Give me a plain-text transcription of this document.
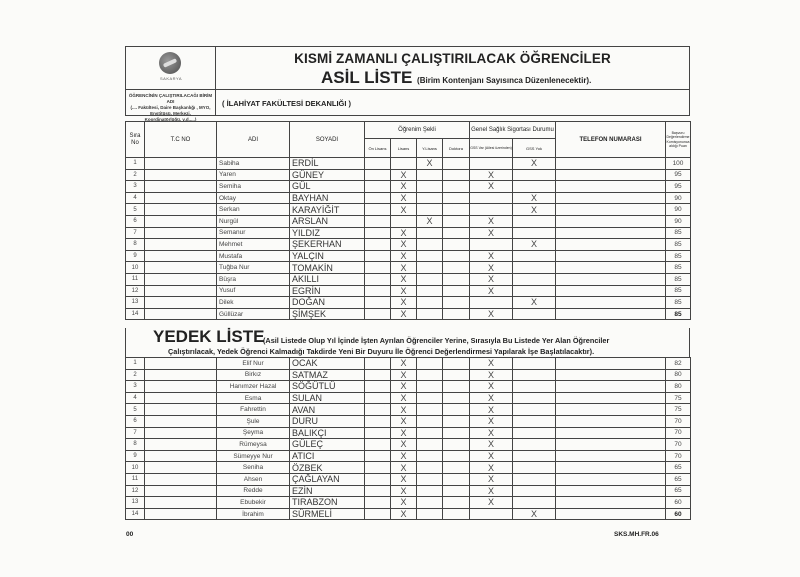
SAKARYA
KISMİ ZAMANLI ÇALIŞTIRILACAK ÖĞRENCİLER
ASİL LİSTE (Birim Kontenjanı Sayısınca Düzenlenecektir).
ÖĞRENCİNİN ÇALIŞTIRILACAĞI BİRİM ADI
(.... Fakültesi, Daire Başkanlığı , MYO, Enstitüsü, Merkezi,
Koordinatörlüğü, v.d.....)
( İLAHİYAT FAKÜLTESİ DEKANLIĞI )
Sıra No	T.C NO	ADI	SOYADI	Öğrenim Şekli				Genel Sağlık Sigortası Durumu		TELEFON NUMARASI	Başvuru Değerlendirme Komisyonunca aldığı Puan
				Ön Lisans	Lisans	Y.Lisans	Doktora	GSS Var (Ailesi üzerinden)	GSS Yok		
1		Sabiha	ERDİL			X			X		100
2		Yaren	GÜNEY		X			X			95
3		Semiha	GÜL		X			X			95
4		Oktay	BAYHAN		X				X		90
5		Serkan	KARAYİĞİT		X				X		90
6		Nurgül	ARSLAN			X		X			90
7		Semanur	YILDIZ		X			X			85
8		Mehmet	ŞEKERHAN		X				X		85
9		Mustafa	YALÇIN		X			X			85
10		Tuğba Nur	TOMAKİN		X			X			85
11		Büşra	AKILLI		X			X			85
12		Yusuf	EGRİN		X			X			85
13		Dilek	DOĞAN		X				X		85
14		Güllüzar	ŞİMŞEK		X			X			85
YEDEK LİSTE
(Asil Listede Olup Yıl İçinde İşten Ayrılan Öğrenciler Yerine, Sırasıyla Bu Listede Yer Alan Öğrenciler
Çalıştırılacak, Yedek Öğrenci Kalmadığı Takdirde Yeni Bir Duyuru İle Öğrenci Değerlendirmesi Yapılarak İşe Başlatılacaktır).
1		Elif Nur	OCAK		X			X			82
2		Birkız	SATMAZ		X			X			80
3		Hanımzer Hazal	SÖĞÜTLÜ		X			X			80
4		Esma	SULAN		X			X			75
5		Fahrettin	AVAN		X			X			75
6		Şule	DURU		X			X			70
7		Şeyma	BALIKÇI		X			X			70
8		Rümeysa	GÜLEÇ		X			X			70
9		Sümeyye Nur	ATICI		X			X			70
10		Seniha	ÖZBEK		X			X			65
11		Ahsen	ÇAĞLAYAN		X			X			65
12		Redde	EZİN		X			X			65
13		Ebubekir	TIRABZON		X			X			60
14		İbrahim	SÜRMELİ		X				X		60
00	SKS.MH.FR.06
